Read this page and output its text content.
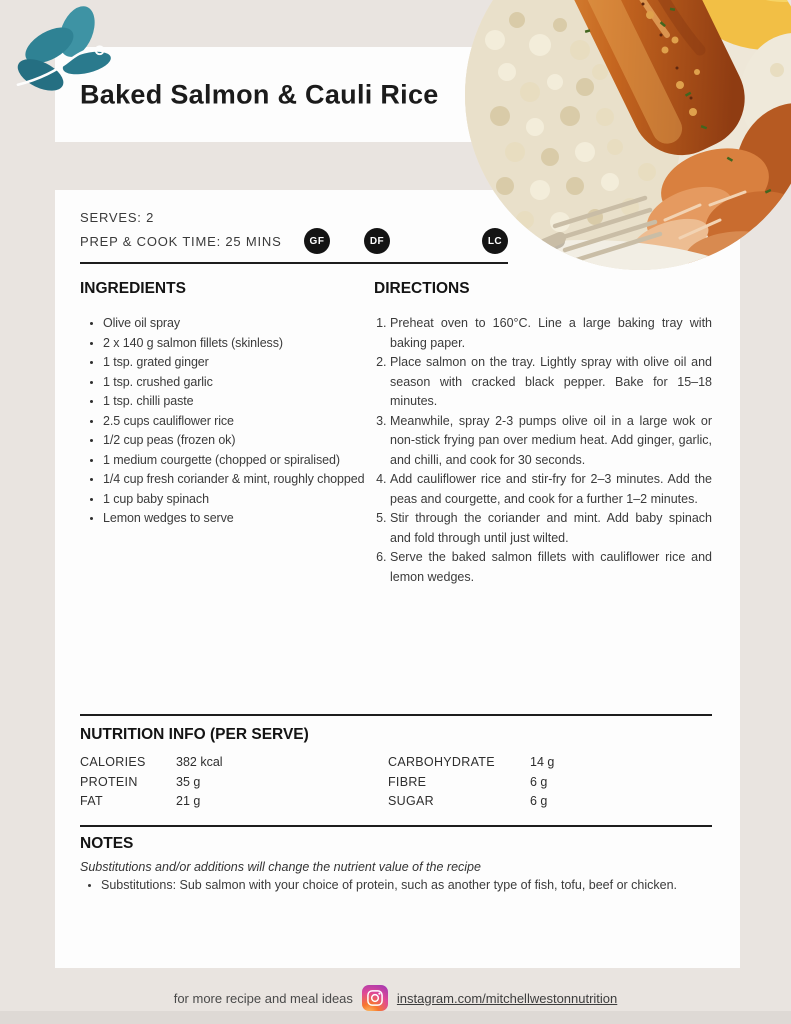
Baked Salmon & Cauli Rice
SERVES: 2
PREP & COOK TIME: 25 MINS	GF	DF	LC
INGREDIENTS
• Olive oil spray
• 2 x 140 g salmon fillets (skinless)
• 1 tsp. grated ginger
• 1 tsp. crushed garlic
• 1 tsp. chilli paste
• 2.5 cups cauliflower rice
• 1/2 cup peas (frozen ok)
• 1 medium courgette (chopped or spiralised)
• 1/4 cup fresh coriander & mint, roughly chopped
• 1 cup baby spinach
• Lemon wedges to serve
DIRECTIONS
1. Preheat oven to 160°C. Line a large baking tray with baking paper.
2. Place salmon on the tray. Lightly spray with olive oil and season with cracked black pepper. Bake for 15–18 minutes.
3. Meanwhile, spray 2-3 pumps olive oil in a large wok or non-stick frying pan over medium heat. Add ginger, garlic, and chilli, and cook for 30 seconds.
4. Add cauliflower rice and stir-fry for 2–3 minutes. Add the peas and courgette, and cook for a further 1–2 minutes.
5. Stir through the coriander and mint. Add baby spinach and fold through until just wilted.
6. Serve the baked salmon fillets with cauliflower rice and lemon wedges.
NUTRITION INFO (PER SERVE)
CALORIES	382 kcal
PROTEIN	35 g
FAT	21 g
CARBOHYDRATE	14 g
FIBRE	6 g
SUGAR	6 g
NOTES
Substitutions and/or additions will change the nutrient value of the recipe
• Substitutions: Sub salmon with your choice of protein, such as another type of fish, tofu, beef or chicken.
for more recipe and meal ideas	instagram.com/mitchellwestonnutrition
